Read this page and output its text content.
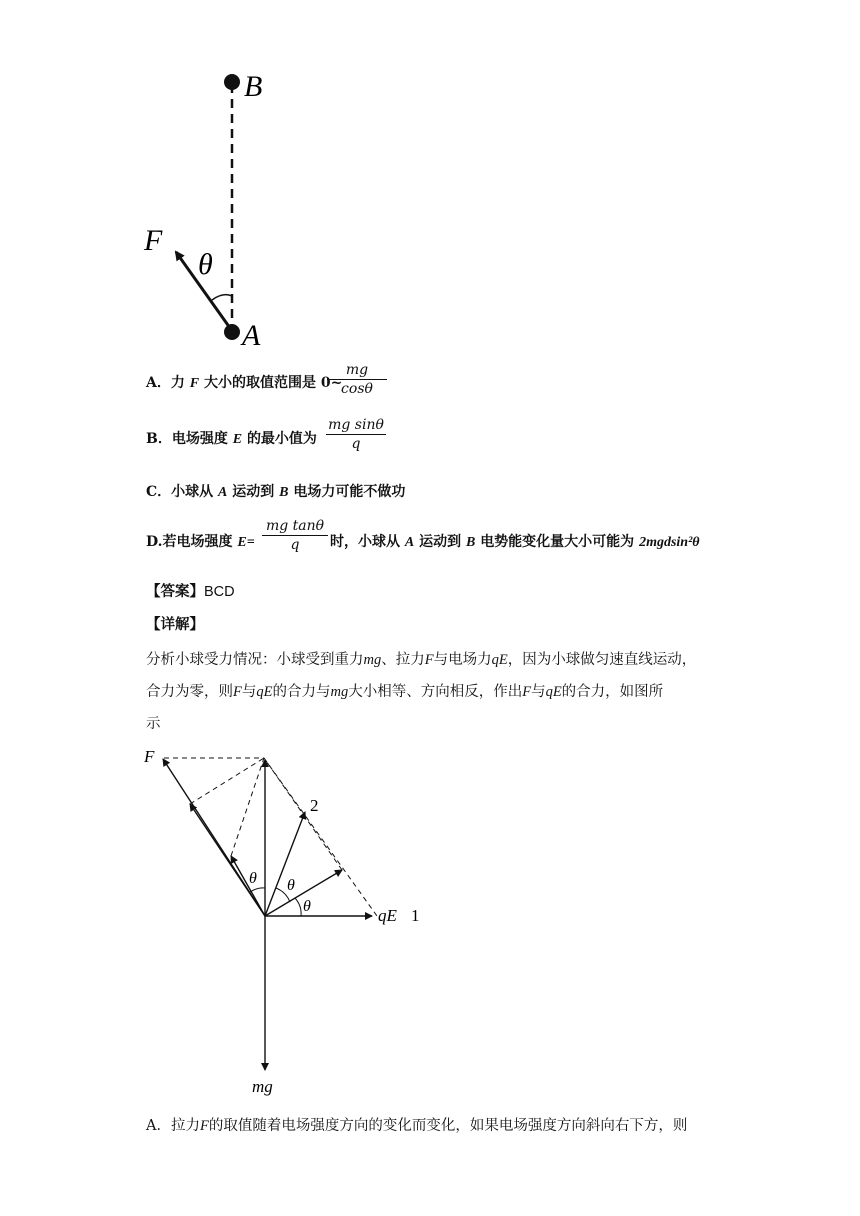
B
F
θ
A
A．力 F 大小的取值范围是 0~
mg
cosθ
B．电场强度 E 的最小值为
mg sinθ
q
C．小球从 A 运动到 B 电场力可能不做功
D.若电场强度 E=
mg tanθ
q	时，小球从 A 运动到 B 电势能变化量大小可能为 2mgdsin²θ
【答案】BCD
【详解】
分析小球受力情况：小球受到重力mg、拉力F与电场力qE，因为小球做匀速直线运动，
合力为零，则F与qE的合力与mg大小相等、方向相反，作出F与qE的合力，如图所
示
F
2
θ θ
θ	qE 1
mg
A．拉力F的取值随着电场强度方向的变化而变化，如果电场强度方向斜向右下方，则
